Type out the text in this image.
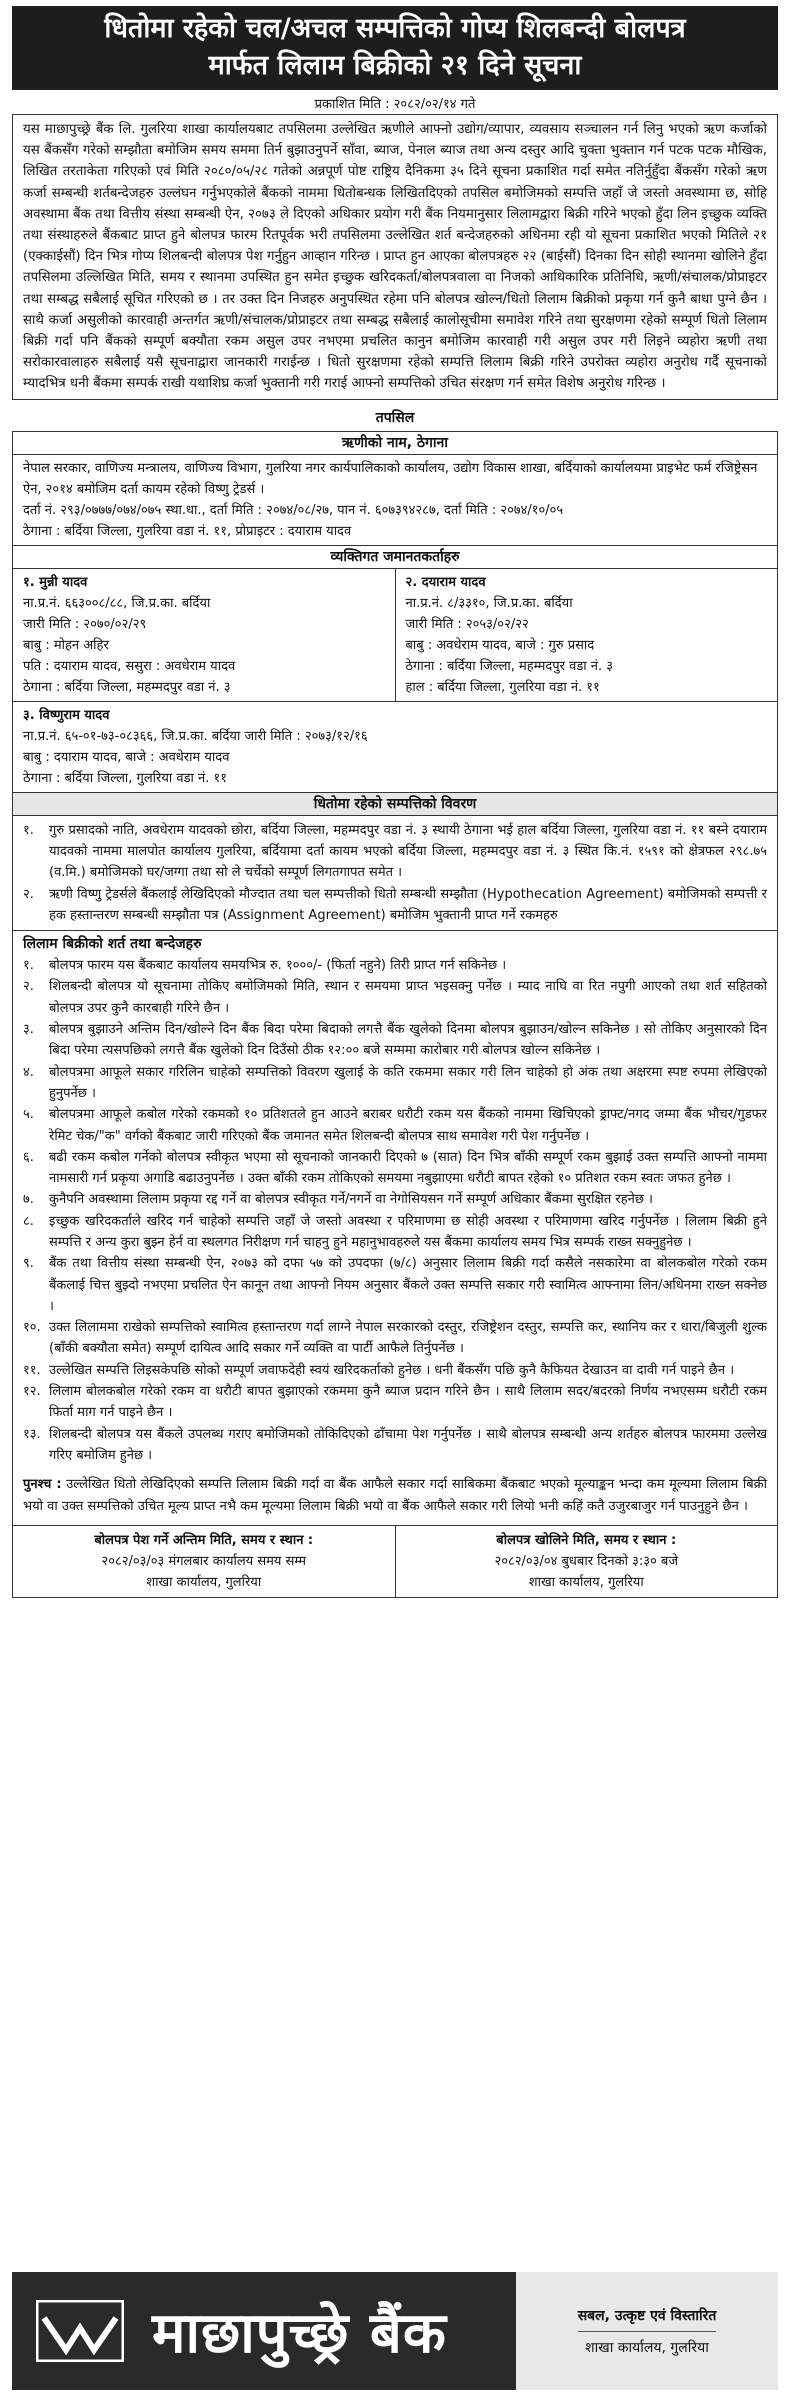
धितोमा रहेको चल/अचल सम्पत्तिको गोप्य शिलबन्दी बोलपत्र
मार्फत लिलाम बिक्रीको २१ दिने सूचना
प्रकाशित मिति : २०८२/०२/१४ गते
यस माछापुच्छ्रे बैंक लि. गुलरिया शाखा कार्यालयबाट तपसिलमा उल्लेखित ऋणीले आफ्नो उद्योग/व्यापार, व्यवसाय सञ्चालन गर्न लिनु भएको ऋण कर्जाको यस बैंकसँग गरेको सम्झौता बमोजिम समय सममा तिर्न बुझाउनुपर्ने साँवा, ब्याज, पेनाल ब्याज तथा अन्य दस्तुर आदि चुक्ता भुक्तान गर्न पटक पटक मौखिक, लिखित तरताकेता गरिएको एवं मिति २०८०/०५/२८ गतेको अन्नपूर्ण पोष्ट राष्ट्रिय दैनिकमा ३५ दिने सूचना प्रकाशित गर्दा समेत नतिर्नुहुँदा बैंकसँग गरेको ऋण कर्जा सम्बन्धी शर्तबन्देजहरु उल्लंघन गर्नुभएकोले बैंकको नाममा धितोबन्धक लिखितदिएको तपसिल बमोजिमको सम्पत्ति जहाँ जे जस्तो अवस्थामा छ, सोहि अवस्थामा बैंक तथा वित्तीय संस्था सम्बन्धी ऐन, २०७३ ले दिएको अधिकार प्रयोग गरी बैंक नियमानुसार लिलामद्वारा बिक्री गरिने भएको हुँदा लिन इच्छुक व्यक्ति तथा संस्थाहरुले बैंकबाट प्राप्त हुने बोलपत्र फारम रितपूर्वक भरी तपसिलमा उल्लेखित शर्त बन्देजहरुको अधिनमा रही यो सूचना प्रकाशित भएको मितिले २१ (एक्काईसौं) दिन भित्र गोप्य शिलबन्दी बोलपत्र पेश गर्नुहुन आव्हान गरिन्छ । प्राप्त हुन आएका बोलपत्रहरु २२ (बाईसौं) दिनका दिन सोही स्थानमा खोलिने हुँदा तपसिलमा उल्लिखित मिति, समय र स्थानमा उपस्थित हुन समेत इच्छुक खरिदकर्ता/बोलपत्रवाला वा निजको आधिकारिक प्रतिनिधि, ऋणी/संचालक/प्रोप्राइटर तथा सम्बद्ध सबैलाई सूचित गरिएको छ । तर उक्त दिन निजहरु अनुपस्थित रहेमा पनि बोलपत्र खोल्न/धितो लिलाम बिक्रीको प्रकृया गर्न कुनै बाधा पुग्ने छैन । साथै कर्जा असुलीको कारवाही अन्तर्गत ऋणी/संचालक/प्रोप्राइटर तथा सम्बद्ध सबैलाई कालोसूचीमा समावेश गरिने तथा सुरक्षणमा रहेको सम्पूर्ण धितो लिलाम बिक्री गर्दा पनि बैंकको सम्पूर्ण बक्यौता रकम असुल उपर नभएमा प्रचलित कानुन बमोजिम कारवाही गरी असुल उपर गरी लिइने व्यहोरा ऋणी तथा सरोकारवालाहरु सबैलाई यसै सूचनाद्वारा जानकारी गराईन्छ । धितो सुरक्षणमा रहेको सम्पत्ति लिलाम बिक्री गरिने उपरोक्त व्यहोरा अनुरोध गर्दै सूचनाको म्यादभित्र धनी बैंकमा सम्पर्क राखी यथाशिघ्र कर्जा भुक्तानी गरी गराई आफ्नो सम्पत्तिको उचित संरक्षण गर्न समेत विशेष अनुरोध गरिन्छ ।
तपसिल
ऋणीको नाम, ठेगाना
नेपाल सरकार, वाणिज्य मन्त्रालय, वाणिज्य विभाग, गुलरिया नगर कार्यपालिकाको कार्यालय, उद्योग विकास शाखा, बर्दियाको कार्यालयमा प्राइभेट फर्म रजिष्ट्रेसन ऐन, २०१४ बमोजिम दर्ता कायम रहेको विष्णु ट्रेडर्स ।
दर्ता नं. २९३/०७७७/०७४/०७५ स्था.धा., दर्ता मिति : २०७४/०८/२७, पान नं. ६०७३९४२८७, दर्ता मिति : २०७४/१०/०५
ठेगाना : बर्दिया जिल्ला, गुलरिया वडा नं. ११, प्रोप्राइटर : दयाराम यादव
व्यक्तिगत जमानतकर्ताहरु
१. मुन्नी यादव
ना.प्र.नं. ६६३००८/८८, जि.प्र.का. बर्दिया
जारी मिति : २०७०/०२/२९
बाबु : मोहन अहिर
पति : दयाराम यादव, ससुरा : अवधेराम यादव
ठेगाना : बर्दिया जिल्ला, महम्मदपुर वडा नं. ३
२. दयाराम यादव
ना.प्र.नं. ८/३३१०, जि.प्र.का. बर्दिया
जारी मिति : २०५३/०२/२२
बाबु : अवधेराम यादव, बाजे : गुरु प्रसाद
ठेगाना : बर्दिया जिल्ला, महम्मदपुर वडा नं. ३
हाल : बर्दिया जिल्ला, गुलरिया वडा नं. ११
३. विष्णुराम यादव
ना.प्र.नं. ६५-०१-७३-०८३६६, जि.प्र.का. बर्दिया जारी मिति : २०७३/१२/१६
बाबु : दयाराम यादव, बाजे : अवधेराम यादव
ठेगाना : बर्दिया जिल्ला, गुलरिया वडा नं. ११
धितोमा रहेको सम्पत्तिको विवरण
१.	गुरु प्रसादको नाति, अवधेराम यादवको छोरा, बर्दिया जिल्ला, महम्मदपुर वडा नं. ३ स्थायी ठेगाना भई हाल बर्दिया जिल्ला, गुलरिया वडा नं. ११ बस्ने दयाराम यादवको नाममा मालपोत कार्यालय गुलरिया, बर्दियामा दर्ता कायम भएको बर्दिया जिल्ला, महम्मदपुर वडा नं. ३ स्थित कि.नं. १५९१ को क्षेत्रफल २९८.७५ (व.मि.) बमोजिमको घर/जग्गा तथा सो ले चर्चेको सम्पूर्ण लिगतगापत समेत ।
२.	ऋणी विष्णु ट्रेडर्सले बैंकलाई लेखिदिएको मौज्दात तथा चल सम्पत्तीको धितो सम्बन्धी सम्झौता (Hypothecation Agreement) बमोजिमको सम्पत्ती र हक हस्तान्तरण सम्बन्धी सम्झौता पत्र (Assignment Agreement) बमोजिम भुक्तानी प्राप्त गर्ने रकमहरु
लिलाम बिक्रीको शर्त तथा बन्देजहरु
१.	बोलपत्र फारम यस बैंकबाट कार्यालय समयभित्र रु. १०००/- (फिर्ता नहुने) तिरी प्राप्त गर्न सकिनेछ ।
२.	शिलबन्दी बोलपत्र यो सूचनामा तोकिए बमोजिमको मिति, स्थान र समयमा प्राप्त भइसक्नु पर्नेछ । म्याद नाघि वा रित नपुगी आएको तथा शर्त सहितको बोलपत्र उपर कुनै कारबाही गरिने छैन ।
३.	बोलपत्र बुझाउने अन्तिम दिन/खोल्ने दिन बैंक बिदा परेमा बिदाको लगत्तै बैंक खुलेको दिनमा बोलपत्र बुझाउन/खोल्न सकिनेछ । सो तोकिए अनुसारको दिन बिदा परेमा त्यसपछिको लगत्तै बैंक खुलेको दिन दिउँसो ठीक १२:०० बजे सम्ममा कारोबार गरी बोलपत्र खोल्न सकिनेछ ।
४.	बोलपत्रमा आफूले सकार गरिलिन चाहेको सम्पत्तिको विवरण खुलाई के कति रकममा सकार गरी लिन चाहेको हो अंक तथा अक्षरमा स्पष्ट रुपमा लेखिएको हुनुपर्नेछ ।
५.	बोलपत्रमा आफूले कबोल गरेको रकमको १० प्रतिशतले हुन आउने बराबर धरौटी रकम यस बैंकको नाममा खिचिएको ड्राफ्ट/नगद जम्मा बैंक भौचर/गुडफर रेमिट चेक/"क" वर्गको बैंकबाट जारी गरिएको बैंक जमानत समेत शिलबन्दी बोलपत्र साथ समावेश गरी पेश गर्नुपर्नेछ ।
६.	बढी रकम कबोल गर्नेको बोलपत्र स्वीकृत भएमा सो सूचनाको जानकारी दिएको ७ (सात) दिन भित्र बाँकी सम्पूर्ण रकम बुझाई उक्त सम्पत्ति आफ्नो नाममा नामसारी गर्न प्रकृया अगाडि बढाउनुपर्नेछ । उक्त बाँकी रकम तोकिएको समयमा नबुझाएमा धरौटी बापत रहेको १० प्रतिशत रकम स्वतः जफत हुनेछ ।
७.	कुनैपनि अवस्थामा लिलाम प्रकृया रद्द गर्ने वा बोलपत्र स्वीकृत गर्ने/नगर्ने वा नेगोसियसन गर्ने सम्पूर्ण अधिकार बैंकमा सुरक्षित रहनेछ ।
८.	इच्छुक खरिदकर्ताले खरिद गर्न चाहेको सम्पत्ति जहाँ जे जस्तो अवस्था र परिमाणमा छ सोही अवस्था र परिमाणमा खरिद गर्नुपर्नेछ । लिलाम बिक्री हुने सम्पत्ति र अन्य कुरा बुझ्न हेर्न वा स्थलगत निरीक्षण गर्न चाहनु हुने महानुभावहरुले यस बैंकमा कार्यालय समय भित्र सम्पर्क राख्न सक्नुहुनेछ ।
९.	बैंक तथा वित्तीय संस्था सम्बन्धी ऐन, २०७३ को दफा ५७ को उपदफा (७/८) अनुसार लिलाम बिक्री गर्दा कसैले नसकारेमा वा बोलकबोल गरेको रकम बैंकलाई चित्त बुझ्दो नभएमा प्रचलित ऐन कानून तथा आफ्नो नियम अनुसार बैंकले उक्त सम्पत्ति सकार गरी स्वामित्व आफ्नामा लिन/अधिनमा राख्न सक्नेछ ।
१०. उक्त लिलाममा राखेको सम्पत्तिको स्वामित्व हस्तान्तरण गर्दा लाग्ने नेपाल सरकारको दस्तुर, रजिष्ट्रेशन दस्तुर, सम्पत्ति कर, स्थानिय कर र धारा/बिजुली शुल्क (बाँकी बक्यौता समेत) सम्पूर्ण दायित्व आदि सकार गर्ने व्यक्ति वा पार्टी आफैले तिर्नुपर्नेछ ।
११. उल्लेखित सम्पत्ति लिइसकेपछि सोको सम्पूर्ण जवाफदेही स्वयं खरिदकर्ताको हुनेछ । धनी बैंकसँग पछि कुनै कैफियत देखाउन वा दावी गर्न पाइने छैन ।
१२. लिलाम बोलकबोल गरेको रकम वा धरौटी बापत बुझाएको रकममा कुनै ब्याज प्रदान गरिने छैन । साथै लिलाम सदर/बदरको निर्णय नभएसम्म धरौटी रकम फिर्ता माग गर्न पाइने छैन ।
१३. शिलबन्दी बोलपत्र यस बैंकले उपलब्ध गराए बमोजिमको तोकिदिएको ढाँचामा पेश गर्नुपर्नेछ । साथै बोलपत्र सम्बन्धी अन्य शर्तहरु बोलपत्र फारममा उल्लेख गरिए बमोजिम हुनेछ ।
पुनश्च : उल्लेखित धितो लेखिदिएको सम्पत्ति लिलाम बिक्री गर्दा वा बैंक आफैले सकार गर्दा साबिकमा बैंकबाट भएको मूल्याङ्कन भन्दा कम मूल्यमा लिलाम बिक्री भयो वा उक्त सम्पत्तिको उचित मूल्य प्राप्त नभै कम मूल्यमा लिलाम बिक्री भयो वा बैंक आफैले सकार गरी लियो भनी कहिं कतै उजुरबाजुर गर्न पाउनुहुने छैन ।
बोलपत्र पेश गर्ने अन्तिम मिति, समय र स्थान :
२०८२/०३/०३ मंगलबार कार्यालय समय सम्म
शाखा कार्यालय, गुलरिया
बोलपत्र खोलिने मिति, समय र स्थान :
२०८२/०३/०४ बुधबार दिनको ३:३० बजे
शाखा कार्यालय, गुलरिया
माछापुच्छ्रे बैंक	सबल, उत्कृष्ट एवं विस्तारित
शाखा कार्यालय, गुलरिया
